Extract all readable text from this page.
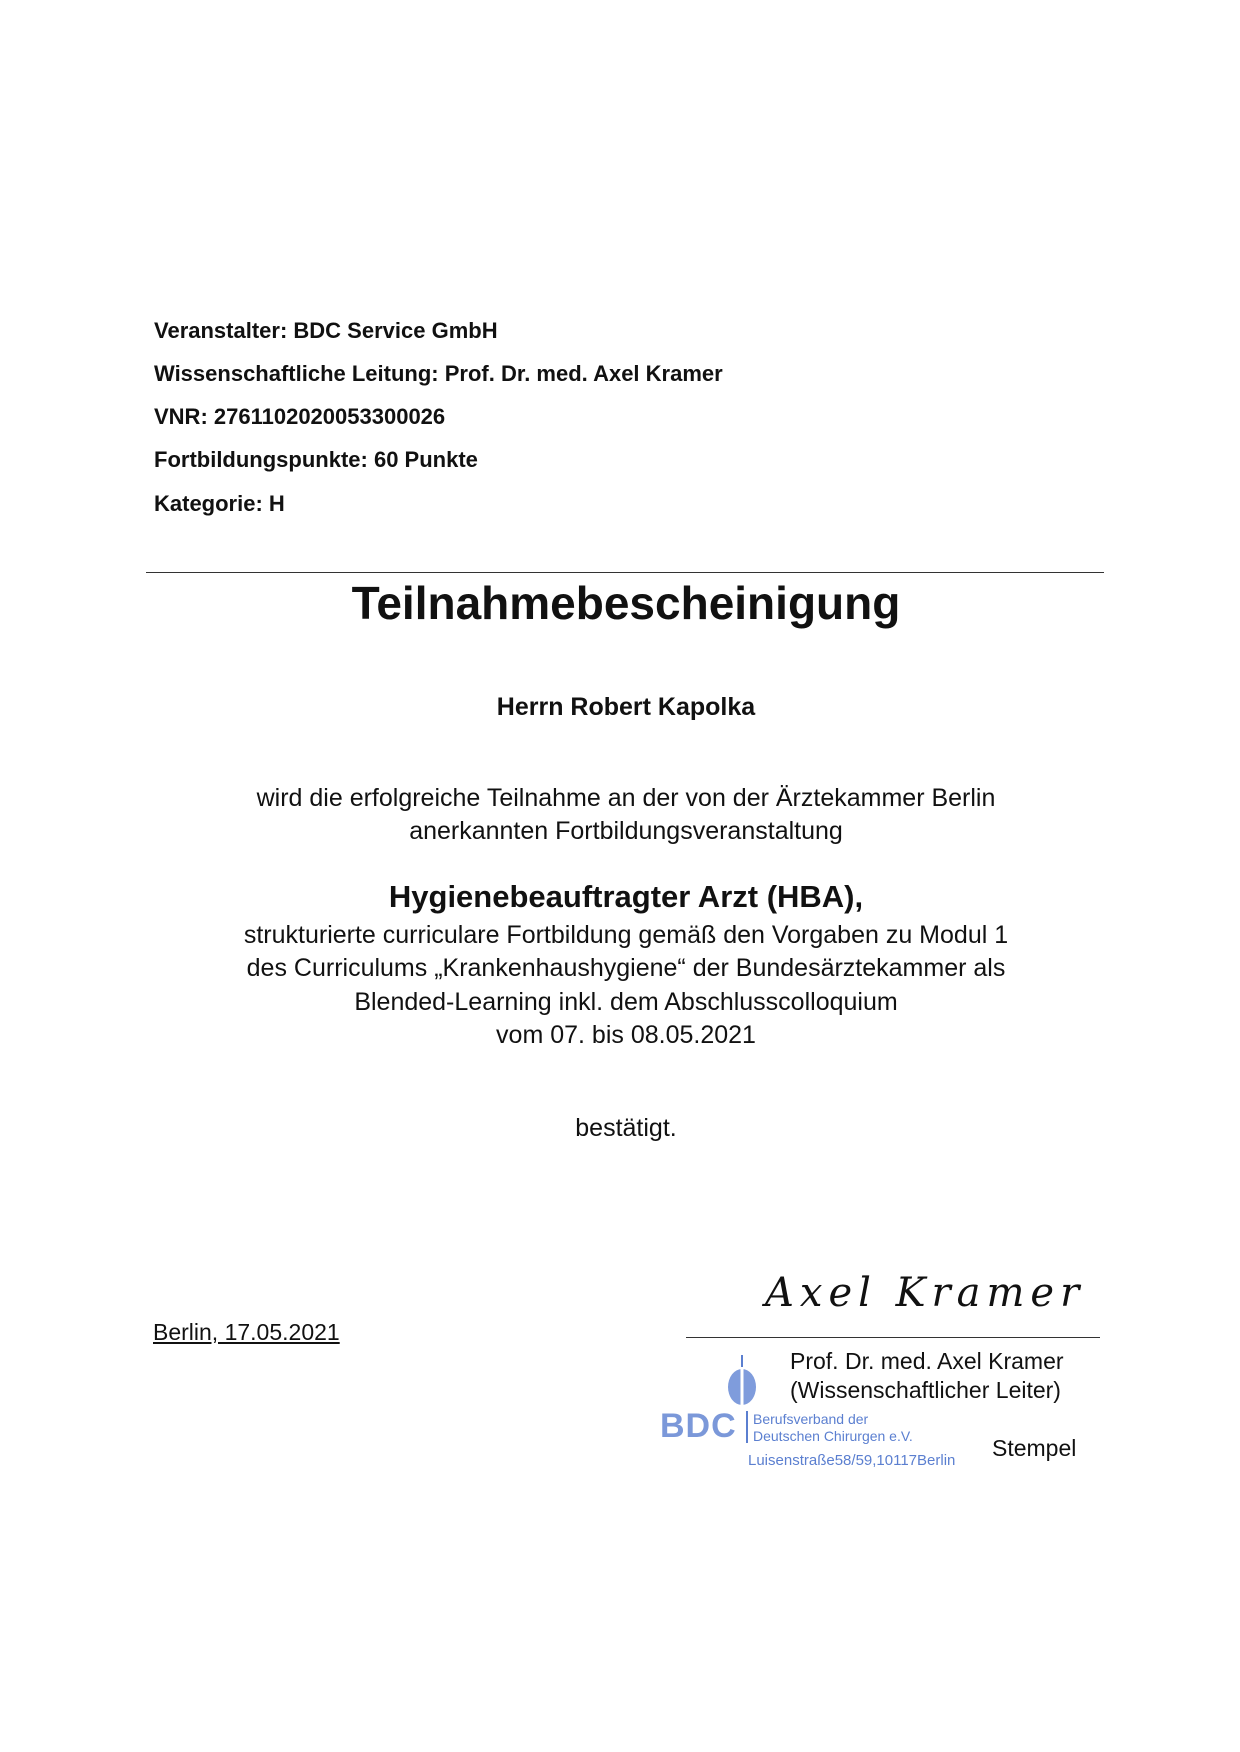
Veranstalter: BDC Service GmbH
Wissenschaftliche Leitung: Prof. Dr. med. Axel Kramer
VNR: 2761102020053300026
Fortbildungspunkte: 60 Punkte
Kategorie: H
Teilnahmebescheinigung
Herrn Robert Kapolka
wird die erfolgreiche Teilnahme an der von der Ärztekammer Berlin
anerkannten Fortbildungsveranstaltung
Hygienebeauftragter Arzt (HBA),
strukturierte curriculare Fortbildung gemäß den Vorgaben zu Modul 1
des Curriculums „Krankenhaushygiene“ der Bundesärztekammer als
Blended-Learning inkl. dem Abschlusscolloquium
vom 07. bis 08.05.2021
bestätigt.
Berlin, 17.05.2021
Axel Kramer
Prof. Dr. med. Axel Kramer
(Wissenschaftlicher Leiter)
Stempel
BDC Berufsverband der
Deutschen Chirurgen e.V.
Luisenstraße58/59,10117Berlin
